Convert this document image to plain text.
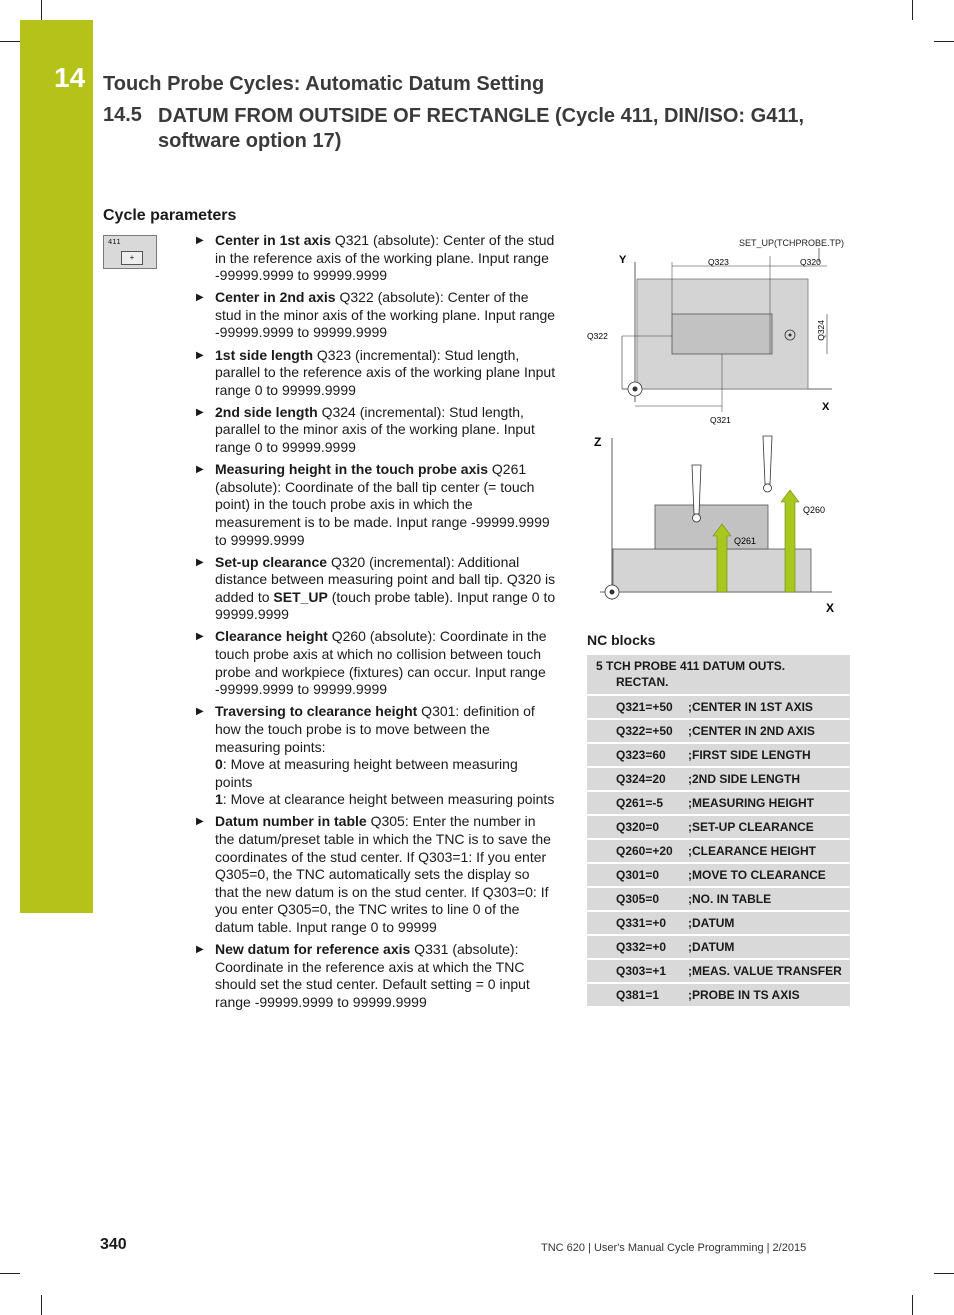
14 Touch Probe Cycles: Automatic Datum Setting
14.5 DATUM FROM OUTSIDE OF RECTANGLE (Cycle 411, DIN/ISO: G411, software option 17)
Cycle parameters
411
+
▶ Center in 1st axis Q321 (absolute): Center of the stud in the reference axis of the working plane. Input range -99999.9999 to 99999.9999
▶ Center in 2nd axis Q322 (absolute): Center of the stud in the minor axis of the working plane. Input range -99999.9999 to 99999.9999
▶ 1st side length Q323 (incremental): Stud length, parallel to the reference axis of the working plane Input range 0 to 99999.9999
▶ 2nd side length Q324 (incremental): Stud length, parallel to the minor axis of the working plane. Input range 0 to 99999.9999
▶ Measuring height in the touch probe axis Q261 (absolute): Coordinate of the ball tip center (= touch point) in the touch probe axis in which the measurement is to be made. Input range -99999.9999 to 99999.9999
▶ Set-up clearance Q320 (incremental): Additional distance between measuring point and ball tip. Q320 is added to SET_UP (touch probe table). Input range 0 to 99999.9999
▶ Clearance height Q260 (absolute): Coordinate in the touch probe axis at which no collision between touch probe and workpiece (fixtures) can occur. Input range -99999.9999 to 99999.9999
▶ Traversing to clearance height Q301: definition of how the touch probe is to move between the measuring points:
0: Move at measuring height between measuring points
1: Move at clearance height between measuring points
▶ Datum number in table Q305: Enter the number in the datum/preset table in which the TNC is to save the coordinates of the stud center. If Q303=1: If you enter Q305=0, the TNC automatically sets the display so that the new datum is on the stud center. If Q303=0: If you enter Q305=0, the TNC writes to line 0 of the datum table. Input range 0 to 99999
▶ New datum for reference axis Q331 (absolute): Coordinate in the reference axis at which the TNC should set the stud center. Default setting = 0 input range -99999.9999 to 99999.9999
SET_UP(TCHPROBE.TP)
Y
X
Q323	Q320
Q324
Q322
Q321
Z
X
Q261
Q260
NC blocks
5 TCH PROBE 411 DATUM OUTS.
RECTAN.	

Q321=+50	;CENTER IN 1ST AXIS
Q322=+50	;CENTER IN 2ND AXIS
Q323=60	;FIRST SIDE LENGTH
Q324=20	;2ND SIDE LENGTH
Q261=-5	;MEASURING HEIGHT
Q320=0	;SET-UP CLEARANCE
Q260=+20	;CLEARANCE HEIGHT
Q301=0	;MOVE TO CLEARANCE
Q305=0	;NO. IN TABLE
Q331=+0	;DATUM
Q332=+0	;DATUM
Q303=+1	;MEAS. VALUE TRANSFER
Q381=1	;PROBE IN TS AXIS
340	TNC 620 | User's Manual Cycle Programming | 2/2015
